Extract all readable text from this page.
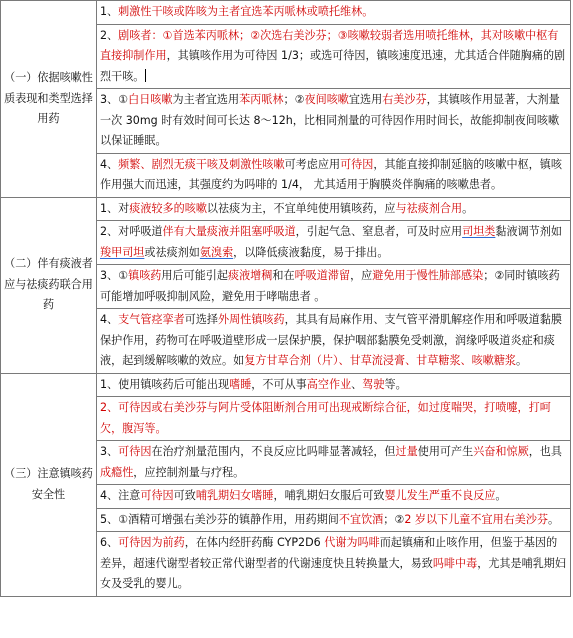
（一）依据咳嗽性质表现和类型选择用药	1、刺激性干咳或阵咳为主者宜选苯丙哌林或喷托维林。
	2、剧咳者：①首选苯丙哌林；②次选右美沙芬；③咳嗽较弱者选用喷托维林，其对咳嗽中枢有直接抑制作用，其镇咳作用为可待因 1/3；或选可待因，镇咳速度迅速，尤其适合伴随胸痛的剧烈干咳。
	3、①白日咳嗽为主者宜选用苯丙哌林；②夜间咳嗽宜选用右美沙芬，其镇咳作用显著，大剂量一次 30mg 时有效时间可长达 8～12h，比相同剂量的可待因作用时间长，故能抑制夜间咳嗽以保证睡眠。
	4、频繁、剧烈无痰干咳及刺激性咳嗽可考虑应用可待因，其能直接抑制延脑的咳嗽中枢，镇咳作用强大而迅速，其强度约为吗啡的 1/4， 尤其适用于胸膜炎伴胸痛的咳嗽患者。
（二）伴有痰液者应与祛痰药联合用药	1、对痰液较多的咳嗽以祛痰为主，不宜单纯使用镇咳药，应与祛痰剂合用。
	2、对呼吸道伴有大量痰液并阻塞呼吸道，引起气急、窒息者，可及时应用司坦类黏液调节剂如羧甲司坦或祛痰剂如氨溴索，以降低痰液黏度，易于排出。
	3、①镇咳药用后可能引起痰液增稠和在呼吸道滞留，应避免用于慢性肺部感染；②同时镇咳药可能增加呼吸抑制风险，避免用于哮喘患者 。
	4、支气管痉挛者可选择外周性镇咳药，其具有局麻作用、支气管平滑肌解痉作用和呼吸道黏膜保护作用，药物可在呼吸道壁形成一层保护膜，保护咽部黏膜免受刺激，润缘呼吸道炎症和痰液，起到缓解咳嗽的效应。如复方甘草合剂（片）、甘草流浸膏、甘草糖浆、咳嗽糖浆。
（三）注意镇咳药安全性	1、使用镇咳药后可能出现嗜睡，不可从事高空作业、驾驶等。
	2、可待因或右美沙芬与阿片受体阻断剂合用可出现戒断综合征，如过度喘哭，打喷嚏，打呵欠，腹泻等。
	3、可待因在治疗剂量范围内，不良反应比吗啡显著减轻，但过量使用可产生兴奋和惊厥，也具成瘾性，应控制剂量与疗程。
	4、注意可待因可致哺乳期妇女嗜睡，哺乳期妇女服后可致婴儿发生严重不良反应。
	5、①酒精可增强右美沙芬的镇静作用，用药期间不宜饮酒；②2 岁以下儿童不宜用右美沙芬。
	6、可待因为前药，在体内经肝药酶 CYP2D6 代谢为吗啡而起镇痛和止咳作用，但鉴于基因的差异，超速代谢型者较正常代谢型者的代谢速度快且转换量大，易致吗啡中毒，尤其是哺乳期妇女及受乳的婴儿。
